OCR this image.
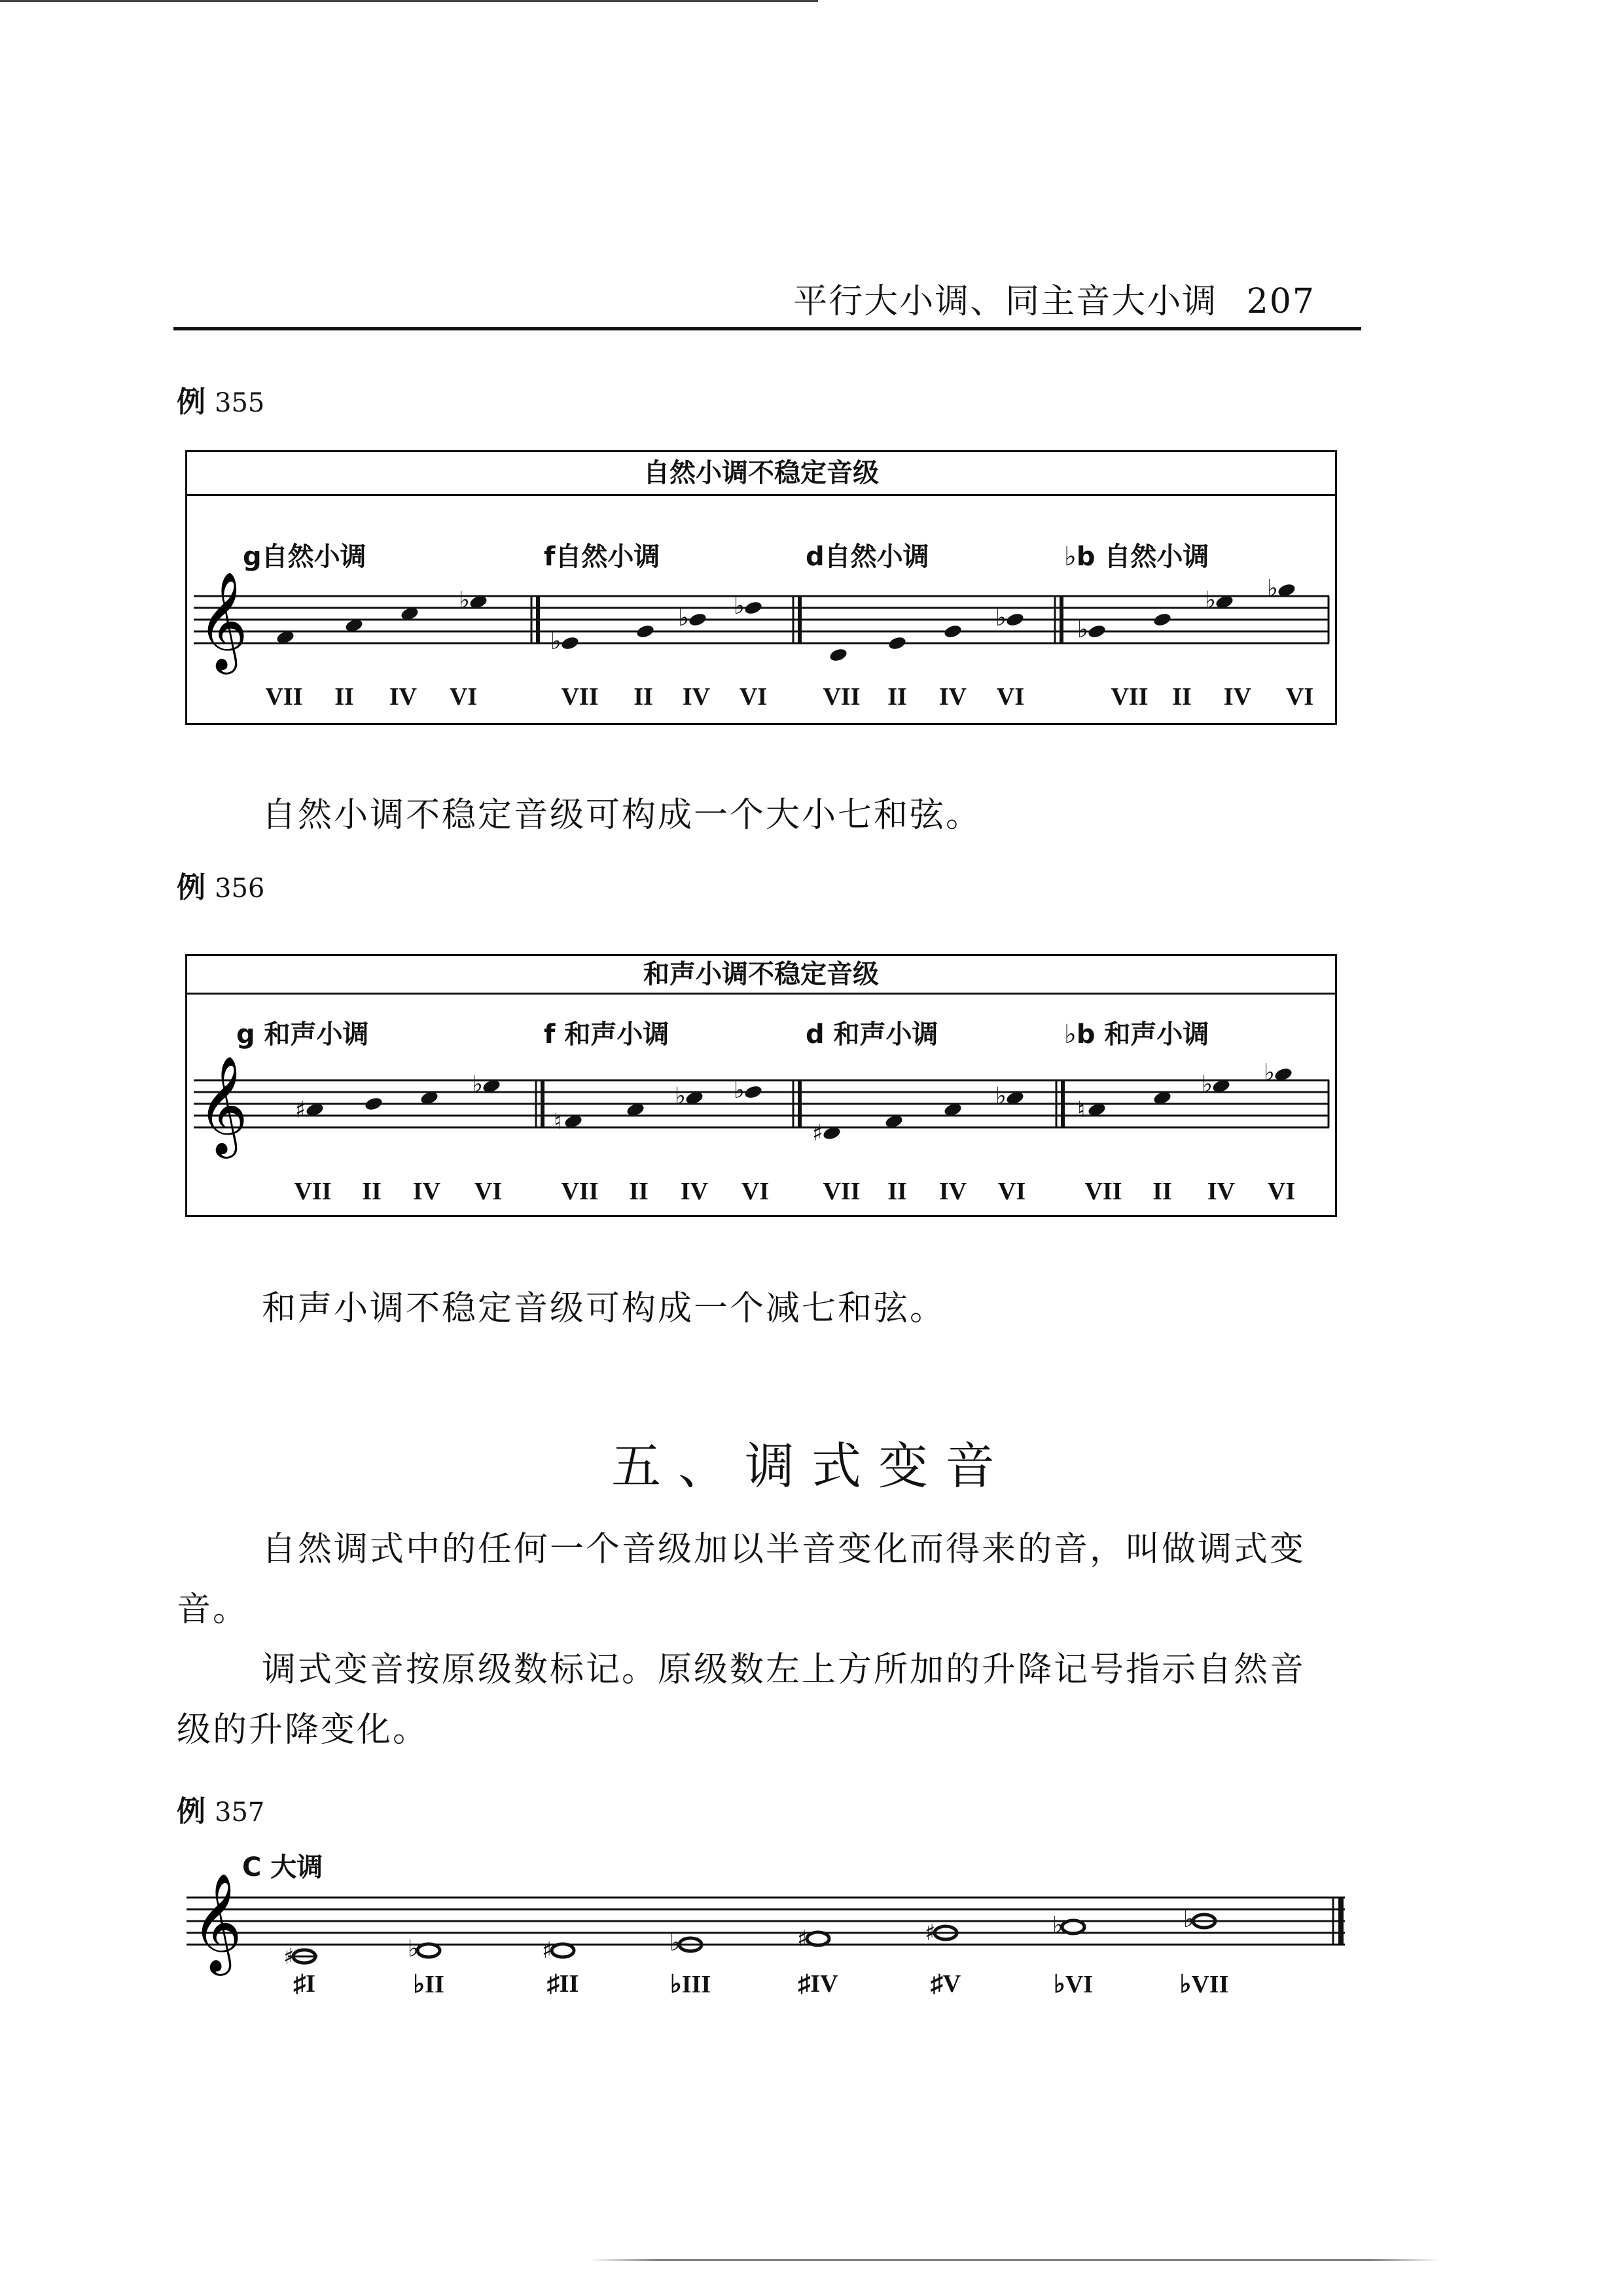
平行大小调、同主音大小调 207
例 355
自然小调不稳定音级
g自然小调	f自然小调	d自然小调	♭b 自然小调
𝄞	♭
♭
♭ ♭	♭	♭
♭ ♭
VII II IV VI	VII II IV VI VII II IV VI	VII II IV VI
自然小调不稳定音级可构成一个大小七和弦。
例 356
和声小调不稳定音级
g 和声小调	f 和声小调	d 和声小调	♭b 和声小调
𝄞 ♯
♭
♮
♭ ♭
♯
♭	♮
♭ ♭
VII II IV VI VII II IV VI VII II IV VI VII II IV VI
和声小调不稳定音级可构成一个减七和弦。
五、调式变音
自然调式中的任何一个音级加以半音变化而得来的音，叫做调式变音。
调式变音按原级数标记。原级数左上方所加的升降记号指示自然音级的升降变化。
例 357
C 大调
𝄞 ♯	♭	♯	♭	♯	♯	♭	♭
♯I	♭II	♯II	♭III	♯IV	♯V	♭VI	♭VII
